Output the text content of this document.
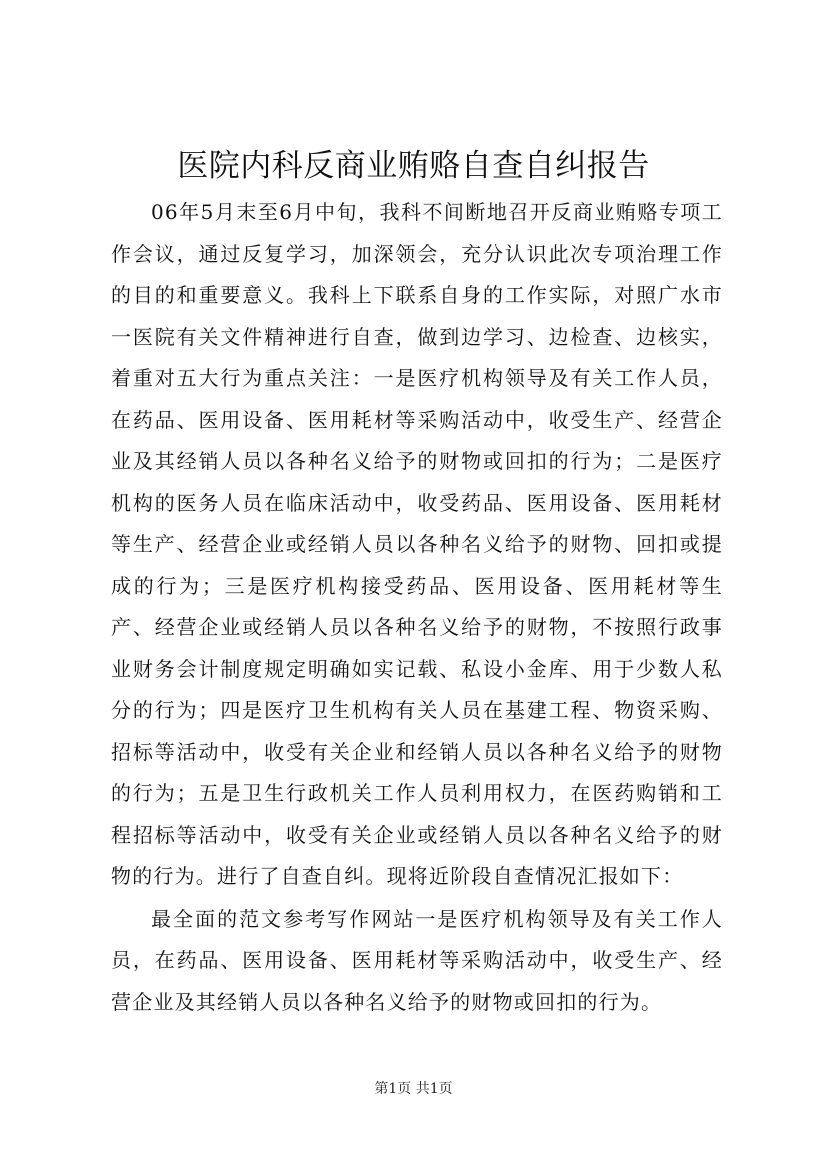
医院内科反商业贿赂自查自纠报告

06年5月末至6月中旬，我科不间断地召开反商业贿赂专项工作会议，通过反复学习，加深领会，充分认识此次专项治理工作的目的和重要意义。我科上下联系自身的工作实际，对照广水市一医院有关文件精神进行自查，做到边学习、边检查、边核实，着重对五大行为重点关注：一是医疗机构领导及有关工作人员，在药品、医用设备、医用耗材等采购活动中，收受生产、经营企业及其经销人员以各种名义给予的财物或回扣的行为；二是医疗机构的医务人员在临床活动中，收受药品、医用设备、医用耗材等生产、经营企业或经销人员以各种名义给予的财物、回扣或提成的行为；三是医疗机构接受药品、医用设备、医用耗材等生产、经营企业或经销人员以各种名义给予的财物，不按照行政事业财务会计制度规定明确如实记载、私设小金库、用于少数人私分的行为；四是医疗卫生机构有关人员在基建工程、物资采购、招标等活动中，收受有关企业和经销人员以各种名义给予的财物的行为；五是卫生行政机关工作人员利用权力，在医药购销和工程招标等活动中，收受有关企业或经销人员以各种名义给予的财物的行为。进行了自查自纠。现将近阶段自查情况汇报如下：

最全面的范文参考写作网站一是医疗机构领导及有关工作人员，在药品、医用设备、医用耗材等采购活动中，收受生产、经营企业及其经销人员以各种名义给予的财物或回扣的行为。

第1页 共1页
